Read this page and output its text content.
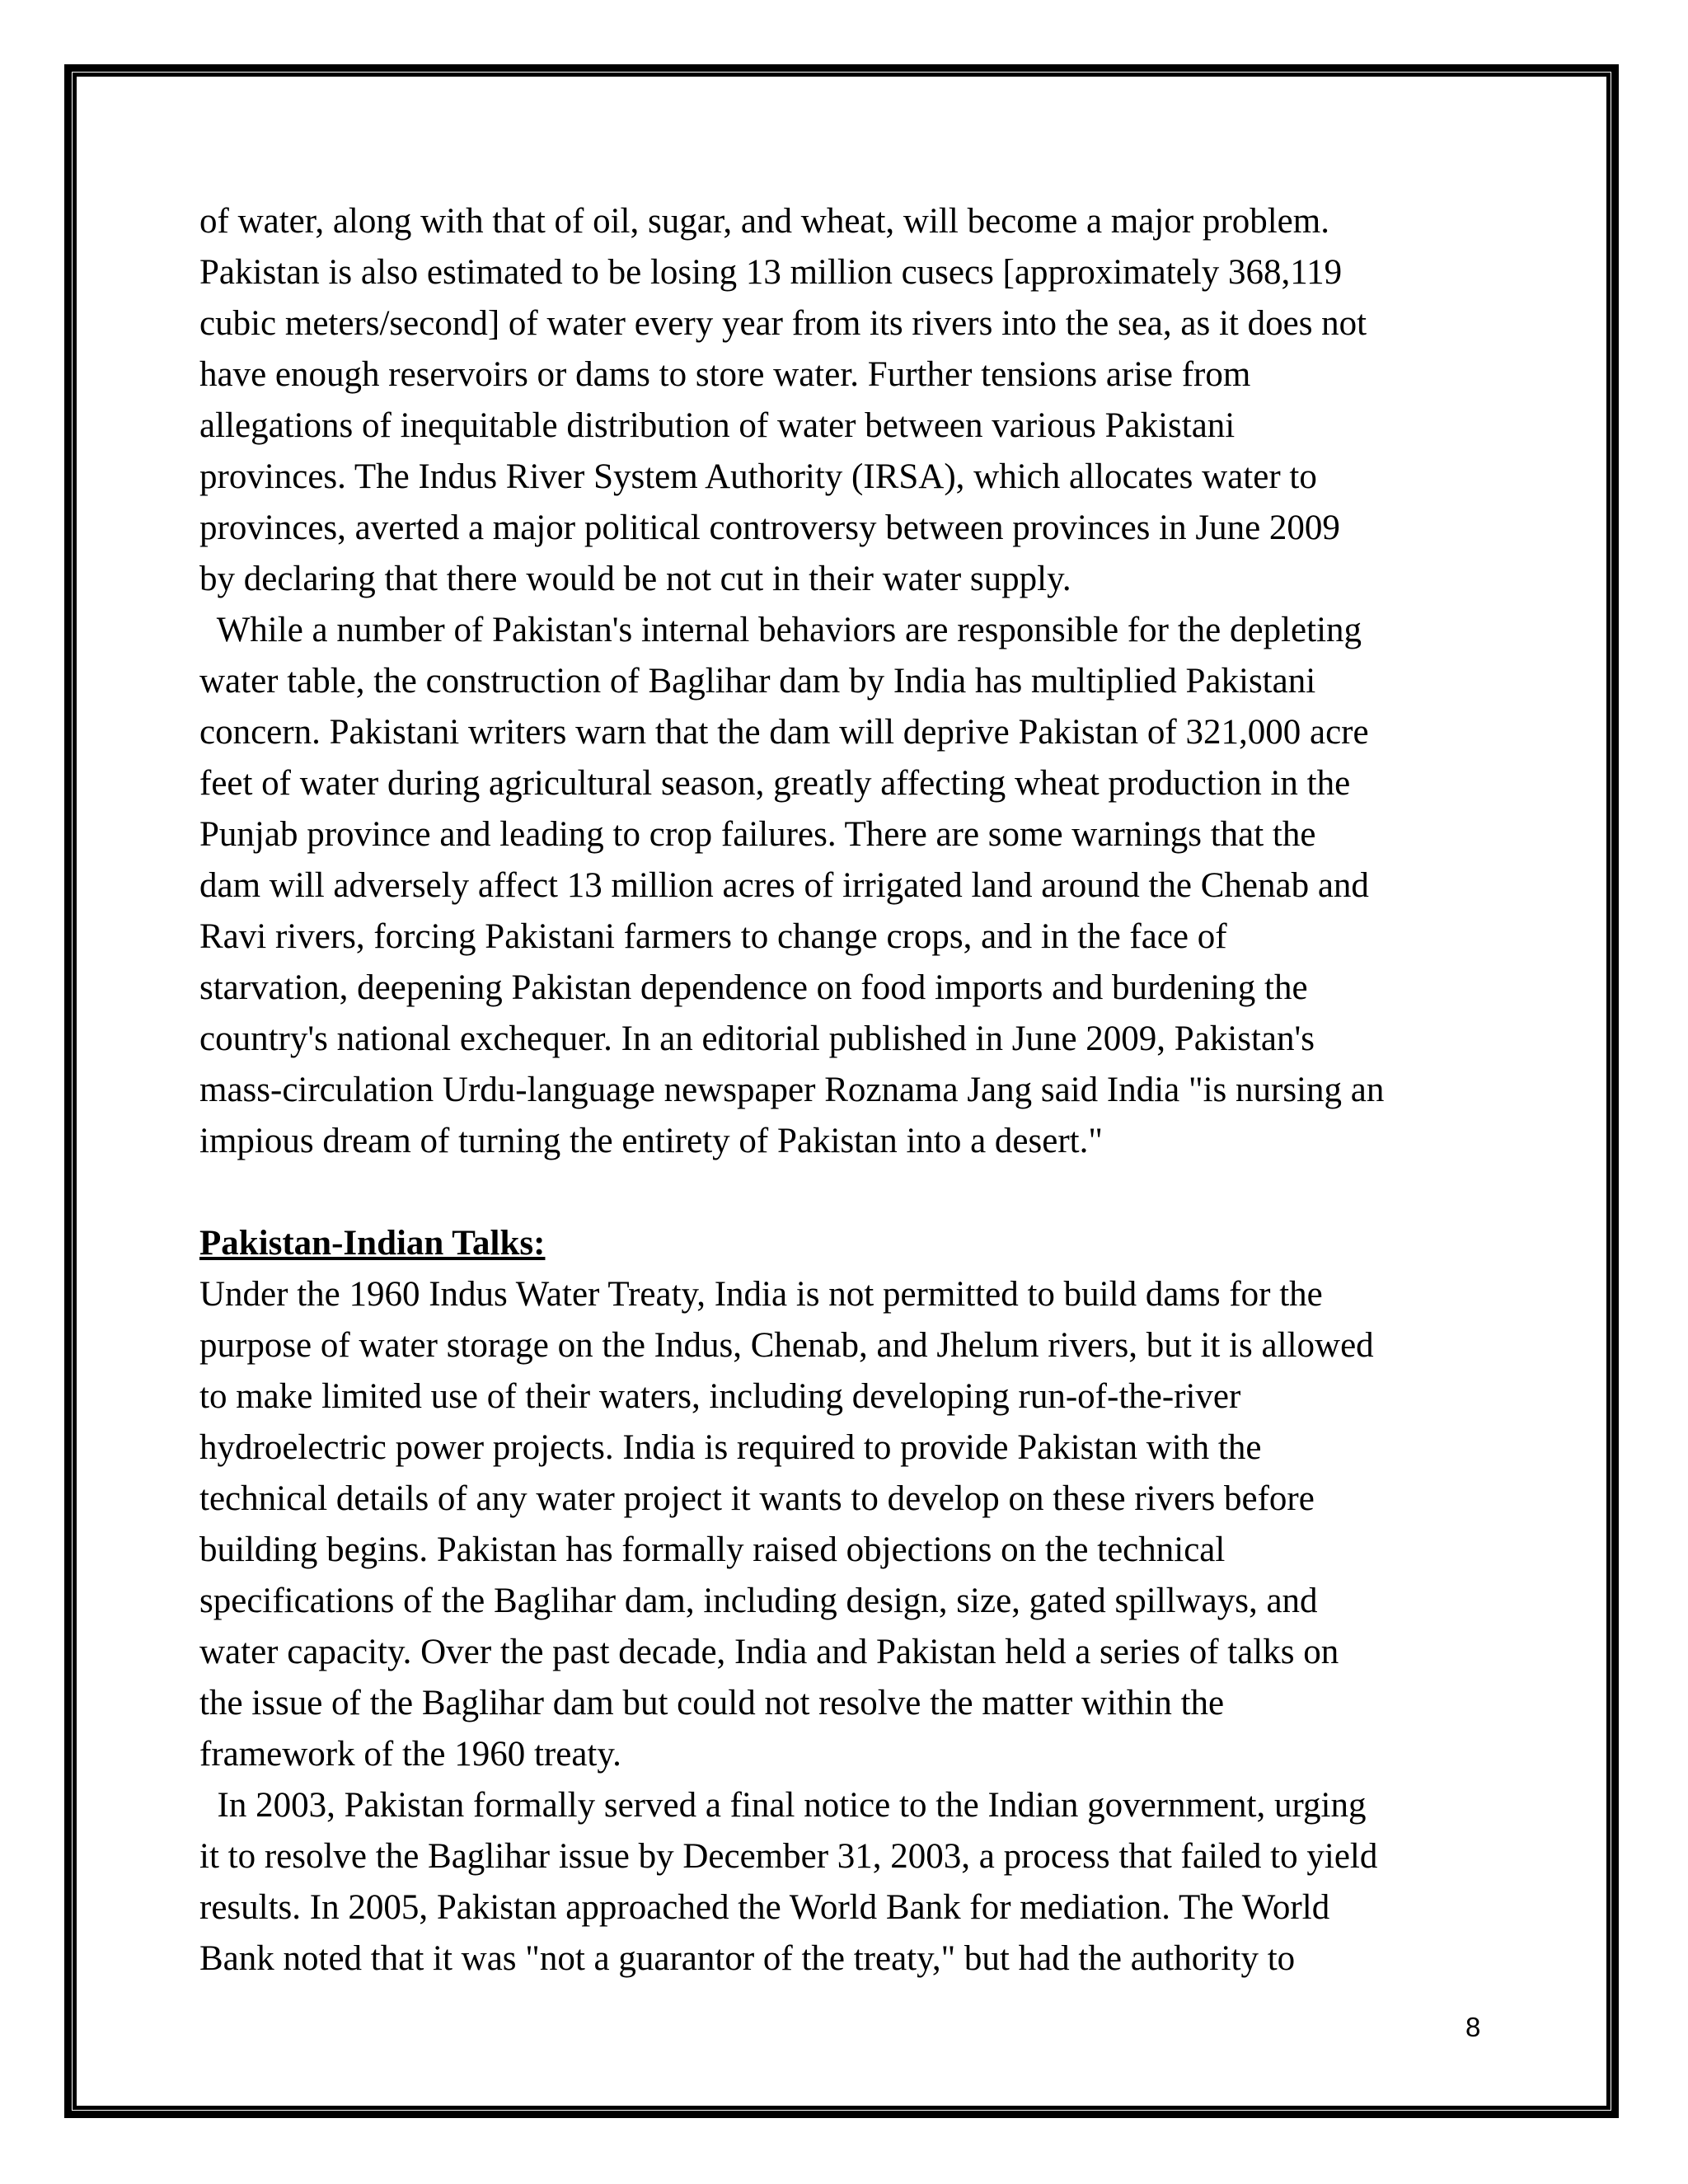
of water, along with that of oil, sugar, and wheat, will become a major problem.
Pakistan is also estimated to be losing 13 million cusecs [approximately 368,119
cubic meters/second] of water every year from its rivers into the sea, as it does not
have enough reservoirs or dams to store water. Further tensions arise from
allegations of inequitable distribution of water between various Pakistani
provinces. The Indus River System Authority (IRSA), which allocates water to
provinces, averted a major political controversy between provinces in June 2009
by declaring that there would be not cut in their water supply.
While a number of Pakistan's internal behaviors are responsible for the depleting
water table, the construction of Baglihar dam by India has multiplied Pakistani
concern. Pakistani writers warn that the dam will deprive Pakistan of 321,000 acre
feet of water during agricultural season, greatly affecting wheat production in the
Punjab province and leading to crop failures. There are some warnings that the
dam will adversely affect 13 million acres of irrigated land around the Chenab and
Ravi rivers, forcing Pakistani farmers to change crops, and in the face of
starvation, deepening Pakistan dependence on food imports and burdening the
country's national exchequer. In an editorial published in June 2009, Pakistan's
mass-circulation Urdu-language newspaper Roznama Jang said India "is nursing an
impious dream of turning the entirety of Pakistan into a desert."
Pakistan-Indian Talks:
Under the 1960 Indus Water Treaty, India is not permitted to build dams for the
purpose of water storage on the Indus, Chenab, and Jhelum rivers, but it is allowed
to make limited use of their waters, including developing run-of-the-river
hydroelectric power projects. India is required to provide Pakistan with the
technical details of any water project it wants to develop on these rivers before
building begins. Pakistan has formally raised objections on the technical
specifications of the Baglihar dam, including design, size, gated spillways, and
water capacity. Over the past decade, India and Pakistan held a series of talks on
the issue of the Baglihar dam but could not resolve the matter within the
framework of the 1960 treaty.
In 2003, Pakistan formally served a final notice to the Indian government, urging
it to resolve the Baglihar issue by December 31, 2003, a process that failed to yield
results. In 2005, Pakistan approached the World Bank for mediation. The World
Bank noted that it was "not a guarantor of the treaty," but had the authority to
8
